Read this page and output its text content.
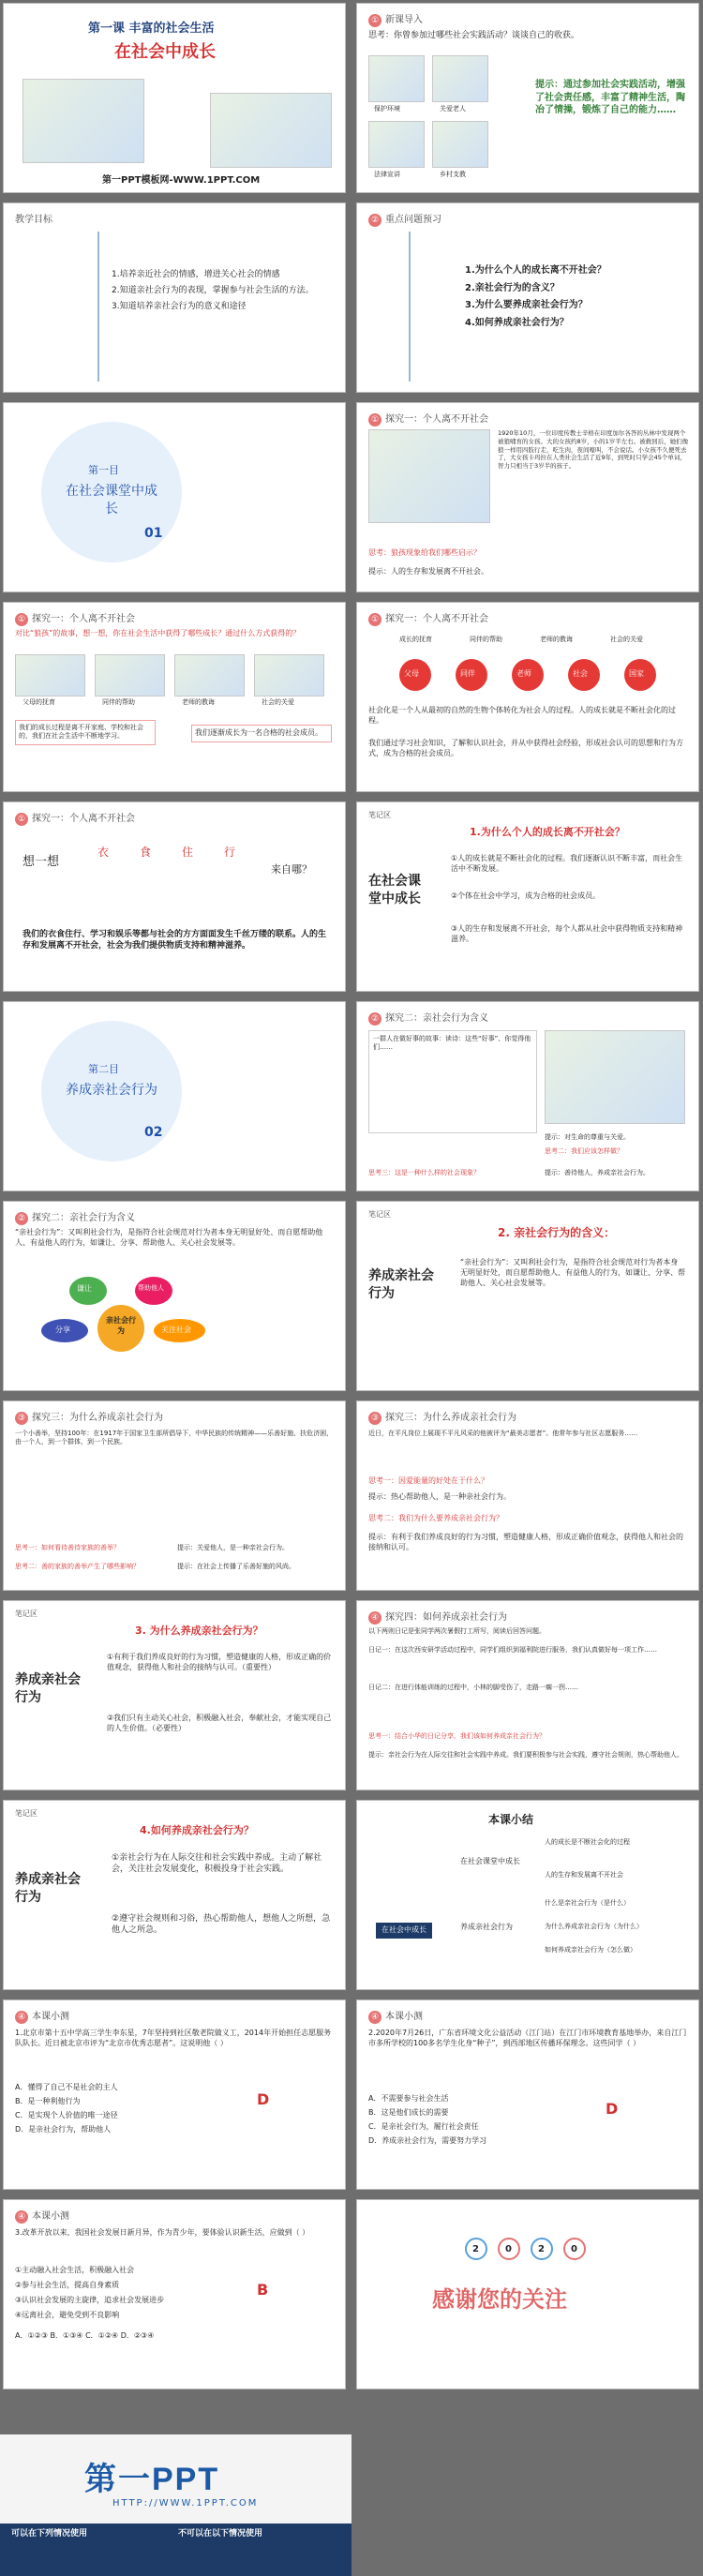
第一课 丰富的社会生活
在社会中成长
第一PPT模板网-WWW.1PPT.COM
① 新课导入
思考：你曾参加过哪些社会实践活动？谈谈自己的收获。
保护环境	关爱老人
法律宣讲	乡村支教
提示：通过参加社会实践活动，增强了社会责任感，丰富了精神生活，陶冶了情操，锻炼了自己的能力……
教学目标
1.培养亲近社会的情感，增进关心社会的情感
2.知道亲社会行为的表现，掌握参与社会生活的方法。
3.知道培养亲社会行为的意义和途径
② 重点问题预习
1.为什么个人的成长离不开社会？
2.亲社会行为的含义？
3.为什么要养成亲社会行为？
4.如何养成亲社会行为？
第一目
在社会课堂中成长
01
① 探究一：个人离不开社会
1920年10月，一位印度传教士辛格在印度加尔各答的丛林中发现两个被狼哺育的女孩。大的女孩约8岁，小的1岁半左右。被救回后，她们像狼一样用四肢行走，吃生肉，夜间嚎叫，不会说话。小女孩不久便死去了，大女孩卡玛拉在人类社会生活了近9年，到死时只学会45个单词，智力只相当于3岁半的孩子。
思考：狼孩现象给我们哪些启示？
提示：人的生存和发展离不开社会。
① 探究一：个人离不开社会
对比“狼孩”的故事，想一想，你在社会生活中获得了哪些成长？通过什么方式获得的？
父母的抚育	同伴的帮助	老师的教诲	社会的关爱
我们的成长过程是离不开家庭、学校和社会的，我们在社会生活中不断地学习。	我们逐渐成长为一名合格的社会成员。
① 探究一：个人离不开社会
成长的抚育	同伴的帮助	老师的教诲	社会的关爱
父母	同伴	老师	社会	国家
社会化是一个人从最初的自然的生物个体转化为社会人的过程。人的成长就是不断社会化的过程。
我们通过学习社会知识，了解和认识社会，并从中获得社会经验，形成社会认可的思想和行为方式，成为合格的社会成员。
① 探究一：个人离不开社会
想一想
衣	食	住	行
来自哪？
我们的衣食住行、学习和娱乐等都与社会的方方面面发生千丝万缕的联系。人的生存和发展离不开社会，社会为我们提供物质支持和精神滋养。
笔记区
在社会课堂中成长
1.为什么个人的成长离不开社会？
①人的成长就是不断社会化的过程。我们逐渐认识不断丰富，而社会生活中不断发展。
②个体在社会中学习，成为合格的社会成员。
③人的生存和发展离不开社会，每个人都从社会中获得物质支持和精神滋养。
第二目
养成亲社会行为
02
② 探究二：亲社会行为含义
一群人在做好事的故事：读诗：这些“好事”、你觉得他们……
提示：对生命的尊重与关爱。
思考二：我们应该怎样做？
思考三：这是一种什么样的社会现象？	提示：善待他人，养成亲社会行为。
② 探究二：亲社会行为含义
“亲社会行为”：又叫利社会行为，是指符合社会规范对行为者本身无明显好处、而自愿帮助他人、有益他人的行为，如谦让、分享、帮助他人、关心社会发展等。
亲社会行为
谦让	帮助他人
分享	关注社会
笔记区
养成亲社会行为
2. 亲社会行为的含义：
“亲社会行为”：又叫利社会行为，是指符合社会规范对行为者本身无明显好处，而自愿帮助他人、有益他人的行为，如谦让、分享、帮助他人、关心社会发展等。
③ 探究三：为什么养成亲社会行为
一个小善举，坚持100年：在1917年于国家卫生部所倡导下，中华民族的传统精神——乐善好施、扶危济困，由一个人，到一个群体，到一个民族。
思考一：如何看待善待家族的善举？	提示：关爱他人，是一种亲社会行为。
思考二：善的家族的善举产生了哪些影响？	提示：在社会上传播了乐善好施的风尚。
③ 探究三：为什么养成亲社会行为
近日，在平凡岗位上展现不平凡风采的他被评为“最美志愿者”。他常年参与社区志愿服务……
思考一：因爱能量的好处在于什么？
提示：热心帮助他人，是一种亲社会行为。
思考二：我们为什么要养成亲社会行为？
提示：有利于我们养成良好的行为习惯，塑造健康人格，形成正确价值观念，获得他人和社会的接纳和认可。
笔记区
养成亲社会行为
3. 为什么养成亲社会行为？
①有利于我们养成良好的行为习惯，塑造健康的人格，形成正确的价值观念，获得他人和社会的接纳与认可。（重要性）
②我们只有主动关心社会，积极融入社会，奉献社会，才能实现自己的人生价值。（必要性）
④ 探究四：如何养成亲社会行为
以下两则日记是张同学两次暑假打工所写，阅读后回答问题。
日记一：在这次西安研学活动过程中，同学们组织到福利院进行服务，我们认真做好每一项工作……
日记二：在进行体能训练的过程中，小林的脚受伤了，走路一瘸一拐……
思考一：结合小华的日记分享，我们该如何养成亲社会行为？
提示：亲社会行为在人际交往和社会实践中养成。我们要积极参与社会实践，遵守社会规则，热心帮助他人。
笔记区
养成亲社会行为
4.如何养成亲社会行为？
①亲社会行为在人际交往和社会实践中养成。主动了解社会，关注社会发展变化，积极投身于社会实践。
②遵守社会规则和习俗，热心帮助他人，想他人之所想，急他人之所急。
本课小结
在社会中成长
在社会课堂中成长
养成亲社会行为
人的成长是不断社会化的过程
人的生存和发展离不开社会
什么是亲社会行为（是什么）
为什么养成亲社会行为（为什么）
如何养成亲社会行为（怎么做）
④ 本课小测
1.北京市第十五中学高三学生李东星，7年坚持到社区敬老院做义工，2014年开始担任志愿服务队队长。近日被北京市评为“北京市优秀志愿者”。这说明他（ ）
A．懂得了自己不是社会的主人
B．是一种利他行为
C．是实现个人价值的唯一途径
D．是亲社会行为，帮助他人
D
④ 本课小测
2.2020年7月26日，广东省环境文化公益活动（江门站）在江门市环境教育基地举办，来自江门市多所学校的100多名学生化身“种子”，到西部地区传播环保理念。这些同学（ ）
A．不需要参与社会生活
B．这是他们成长的需要
C．是亲社会行为，履行社会责任
D．养成亲社会行为，需要努力学习
D
④ 本课小测
3.改革开放以来，我国社会发展日新月异，作为青少年，要体验认识新生活，应做到（ ）
①主动融入社会生活，积极融入社会
②参与社会生活，提高自身素质
③认识社会发展的主旋律，追求社会发展进步
④远离社会，避免受到不良影响
A．①②③ B．①③④ C．①②④ D．②③④
B
2	0	2	0
感谢您的关注
第一PPT
HTTP://WWW.1PPT.COM
可以在下列情况使用	不可以在以下情况使用
